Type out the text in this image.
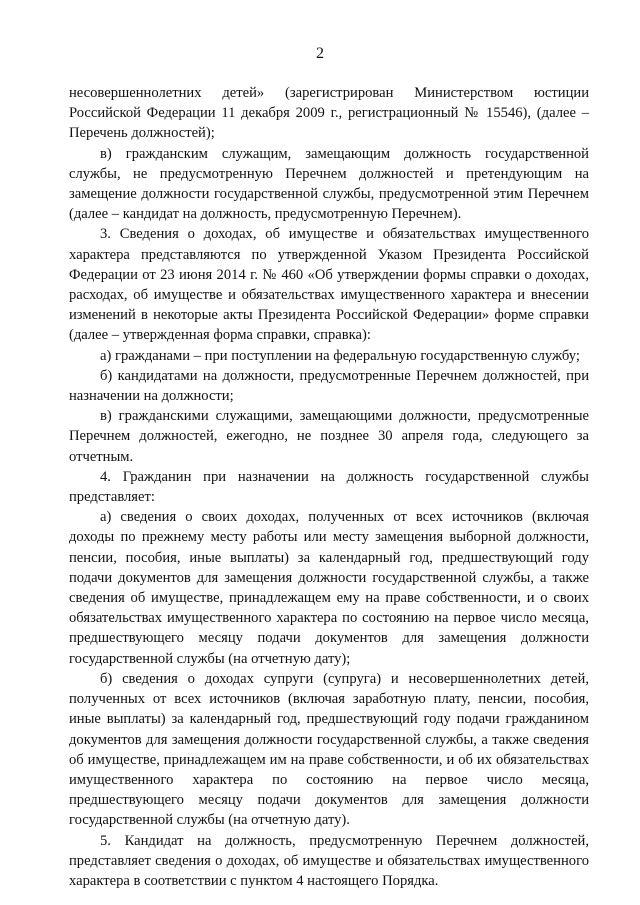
2

несовершеннолетних детей» (зарегистрирован Министерством юстиции Российской Федерации 11 декабря 2009 г., регистрационный № 15546), (далее – Перечень должностей);

в) гражданским служащим, замещающим должность государственной службы, не предусмотренную Перечнем должностей и претендующим на замещение должности государственной службы, предусмотренной этим Перечнем (далее – кандидат на должность, предусмотренную Перечнем).

3. Сведения о доходах, об имуществе и обязательствах имущественного характера представляются по утвержденной Указом Президента Российской Федерации от 23 июня 2014 г. № 460 «Об утверждении формы справки о доходах, расходах, об имуществе и обязательствах имущественного характера и внесении изменений в некоторые акты Президента Российской Федерации» форме справки (далее – утвержденная форма справки, справка):

а) гражданами – при поступлении на федеральную государственную службу;

б) кандидатами на должности, предусмотренные Перечнем должностей, при назначении на должности;

в) гражданскими служащими, замещающими должности, предусмотренные Перечнем должностей, ежегодно, не позднее 30 апреля года, следующего за отчетным.

4. Гражданин при назначении на должность государственной службы представляет:

а) сведения о своих доходах, полученных от всех источников (включая доходы по прежнему месту работы или месту замещения выборной должности, пенсии, пособия, иные выплаты) за календарный год, предшествующий году подачи документов для замещения должности государственной службы, а также сведения об имуществе, принадлежащем ему на праве собственности, и о своих обязательствах имущественного характера по состоянию на первое число месяца, предшествующего месяцу подачи документов для замещения должности государственной службы (на отчетную дату);

б) сведения о доходах супруги (супруга) и несовершеннолетних детей, полученных от всех источников (включая заработную плату, пенсии, пособия, иные выплаты) за календарный год, предшествующий году подачи гражданином документов для замещения должности государственной службы, а также сведения об имуществе, принадлежащем им на праве собственности, и об их обязательствах имущественного характера по состоянию на первое число месяца, предшествующего месяцу подачи документов для замещения должности государственной службы (на отчетную дату).

5. Кандидат на должность, предусмотренную Перечнем должностей, представляет сведения о доходах, об имуществе и обязательствах имущественного характера в соответствии с пунктом 4 настоящего Порядка.
